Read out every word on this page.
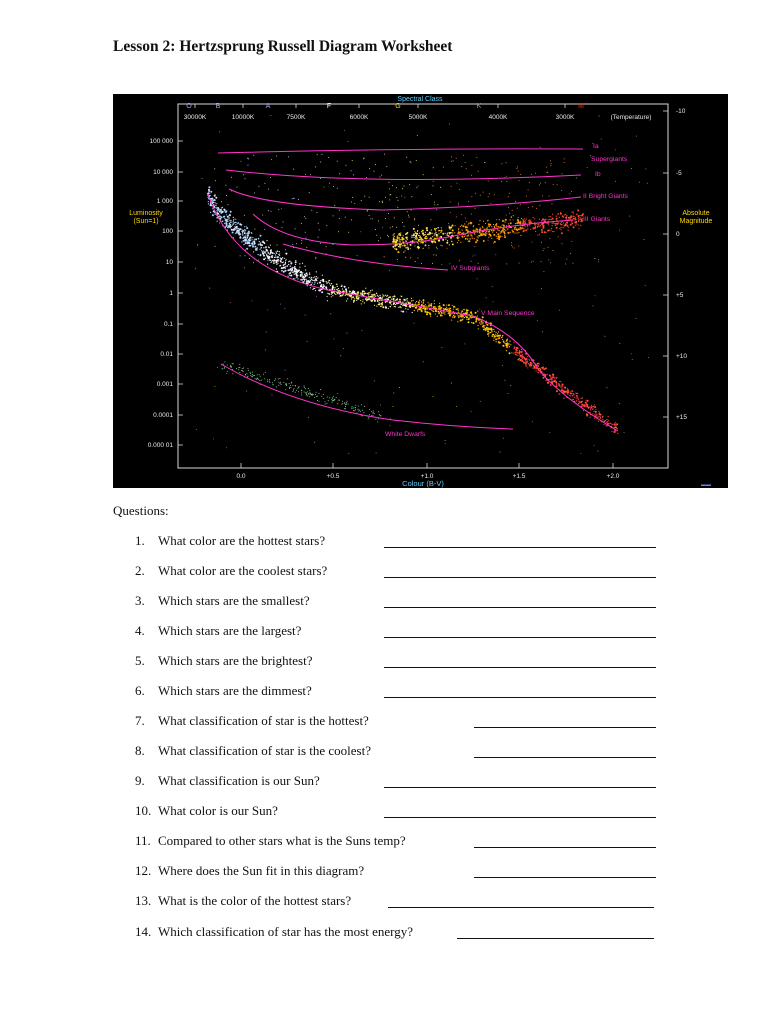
Lesson 2: Hertzsprung Russell Diagram Worksheet
Spectral Class
O	B	A	F	G	K	M
30000K	10000K	7500K	6000K	5000K	4000K	3000K	(Temperature)
100 000
10 000
1 000
100
10
1
0.1
0.01
0.001
0.0001
0.000 01
Luminosity
(Sun=1)
-10
-5
0
+5
+10
+15
Absolute
Magnitude
0.0	+0.5	+1.0	+1.5	+2.0
Colour (B-V)
Ia
Supergiants
Ib
II Bright Giants
III Giants
IV Subgiants
V Main Sequence
White Dwarfs
▬▬
Questions:
1. What color are the hottest stars?
2. What color are the coolest stars?
3. Which stars are the smallest?
4. Which stars are the largest?
5. Which stars are the brightest?
6. Which stars are the dimmest?
7. What classification of star is the hottest?
8. What classification of star is the coolest?
9. What classification is our Sun?
10. What color is our Sun?
11. Compared to other stars what is the Suns temp?
12. Where does the Sun fit in this diagram?
13. What is the color of the hottest stars?
14. Which classification of star has the most energy?
